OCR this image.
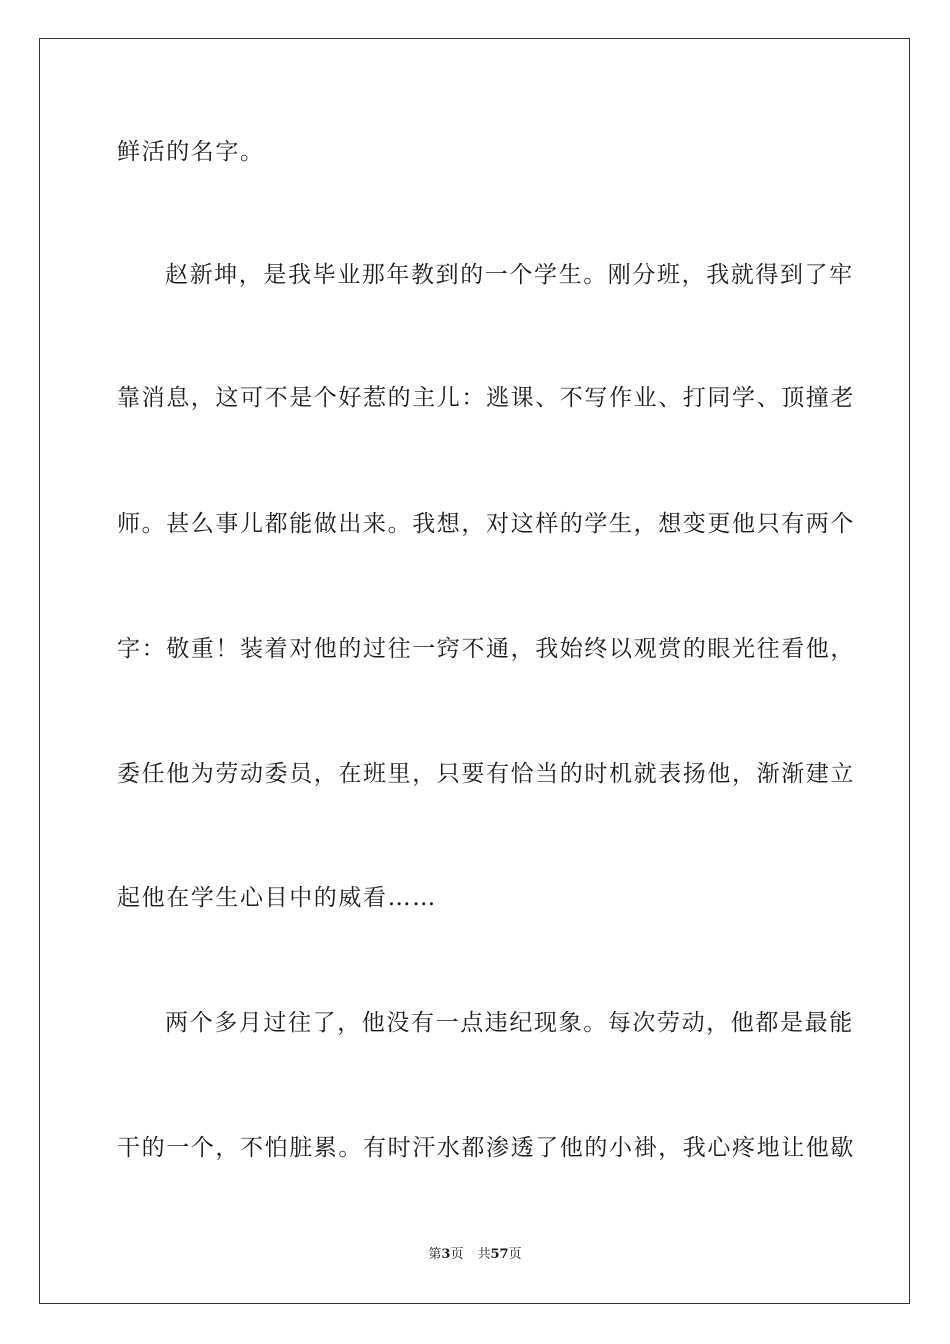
鲜活的名字。
赵新坤，是我毕业那年教到的一个学生。刚分班，我就得到了牢
靠消息，这可不是个好惹的主儿：逃课、不写作业、打同学、顶撞老
师。甚么事儿都能做出来。我想，对这样的学生，想变更他只有两个
字：敬重！装着对他的过往一窍不通，我始终以观赏的眼光往看他，
委任他为劳动委员，在班里，只要有恰当的时机就表扬他，渐渐建立
起他在学生心目中的威看……
两个多月过往了，他没有一点违纪现象。每次劳动，他都是最能
干的一个，不怕脏累。有时汗水都渗透了他的小褂，我心疼地让他歇
第3页 共57页
